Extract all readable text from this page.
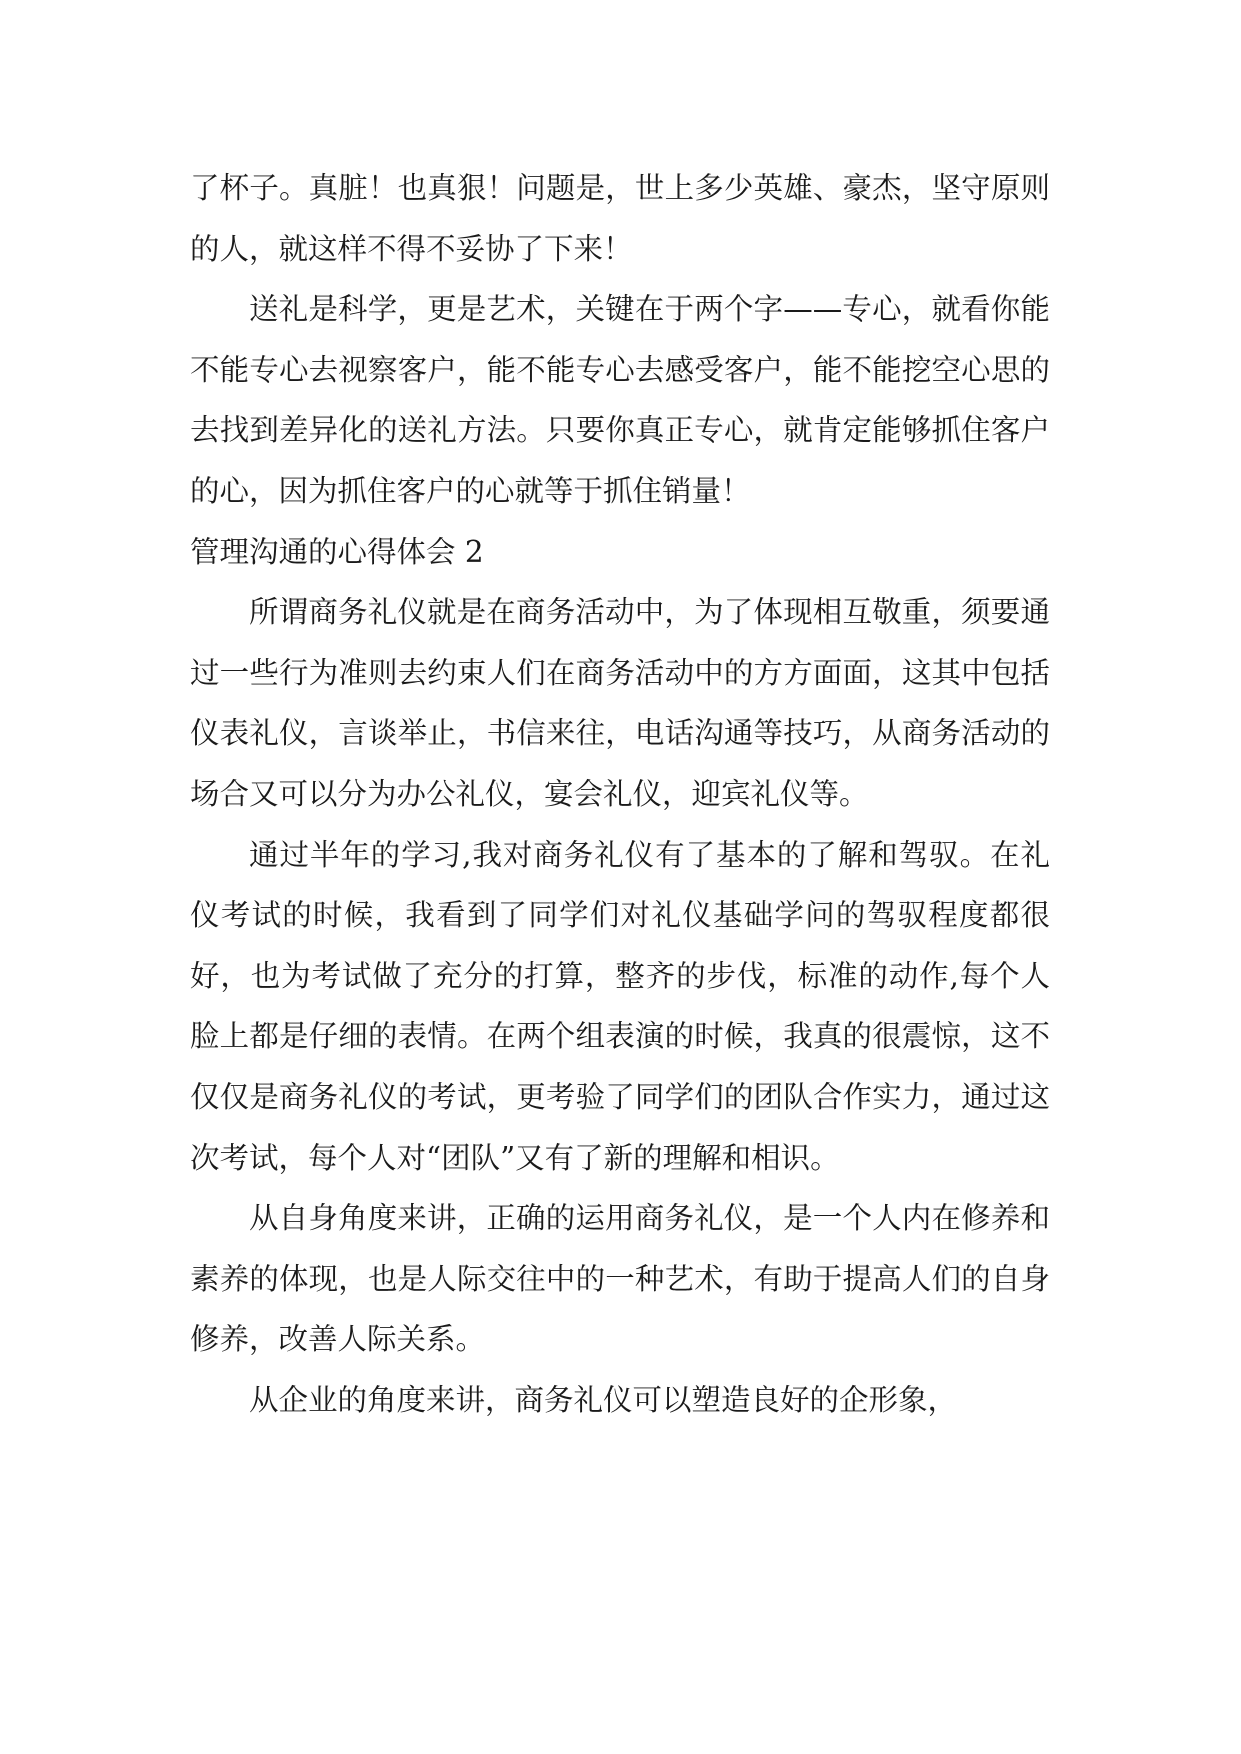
了杯子。真脏！也真狠！问题是，世上多少英雄、豪杰，坚守原则的人，就这样不得不妥协了下来！

送礼是科学，更是艺术，关键在于两个字——专心，就看你能不能专心去视察客户，能不能专心去感受客户，能不能挖空心思的去找到差异化的送礼方法。只要你真正专心，就肯定能够抓住客户的心，因为抓住客户的心就等于抓住销量！

管理沟通的心得体会 2

所谓商务礼仪就是在商务活动中，为了体现相互敬重，须要通过一些行为准则去约束人们在商务活动中的方方面面，这其中包括仪表礼仪，言谈举止，书信来往，电话沟通等技巧，从商务活动的场合又可以分为办公礼仪，宴会礼仪，迎宾礼仪等。

通过半年的学习,我对商务礼仪有了基本的了解和驾驭。在礼仪考试的时候，我看到了同学们对礼仪基础学问的驾驭程度都很好，也为考试做了充分的打算，整齐的步伐，标准的动作,每个人脸上都是仔细的表情。在两个组表演的时候，我真的很震惊，这不仅仅是商务礼仪的考试，更考验了同学们的团队合作实力，通过这次考试，每个人对“团队”又有了新的理解和相识。

从自身角度来讲，正确的运用商务礼仪，是一个人内在修养和素养的体现，也是人际交往中的一种艺术，有助于提高人们的自身修养，改善人际关系。

从企业的角度来讲，商务礼仪可以塑造良好的企形象，
